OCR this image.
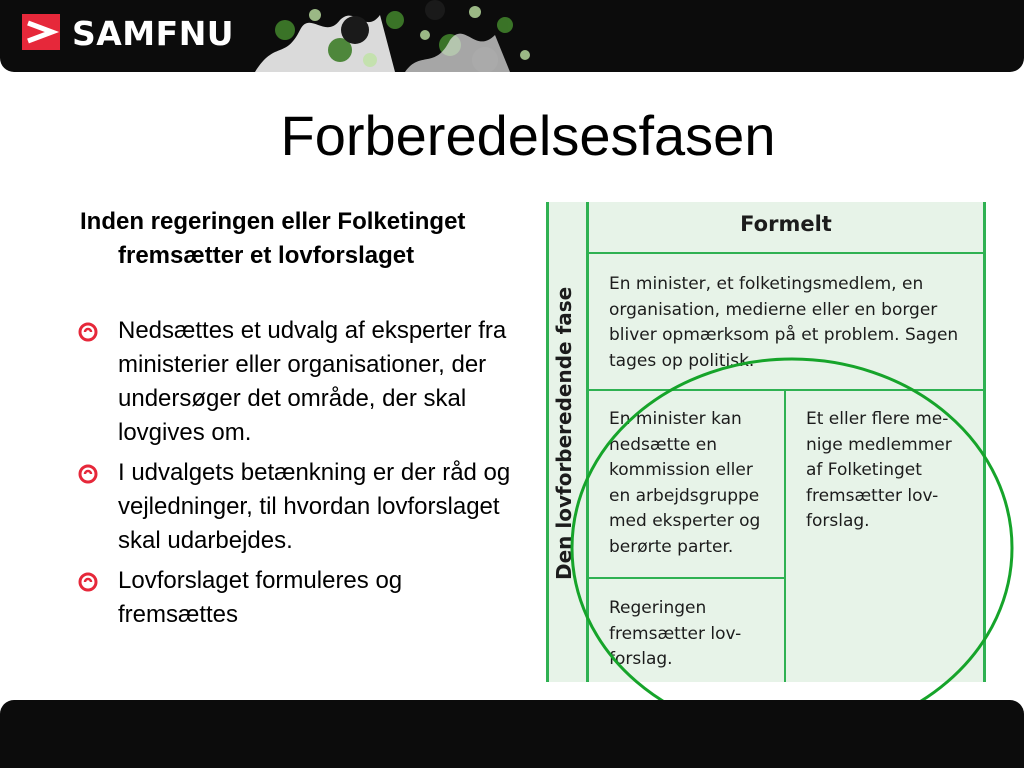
SAMFNU
Forberedelsesfasen
Inden regeringen eller Folketinget fremsætter et lovforslaget
Nedsættes et udvalg af eksperter fra ministerier eller organisationer, der undersøger det område, der skal lovgives om.
I udvalgets betænkning er der råd og vejledninger, til hvordan lovforslaget skal udarbejdes.
Lovforslaget formuleres og fremsættes
Den lovforberedende fase
Formelt
En minister, et folketingsmedlem, en
organisation, medierne eller en borger
bliver opmærksom på et problem. Sagen
tages op politisk.
En minister kan
nedsætte en
kommission eller
en arbejdsgruppe
med eksperter og
berørte parter.
Et eller flere me-
nige medlemmer
af Folketinget
fremsætter lov-
forslag.
Regeringen
fremsætter lov-
forslag.
